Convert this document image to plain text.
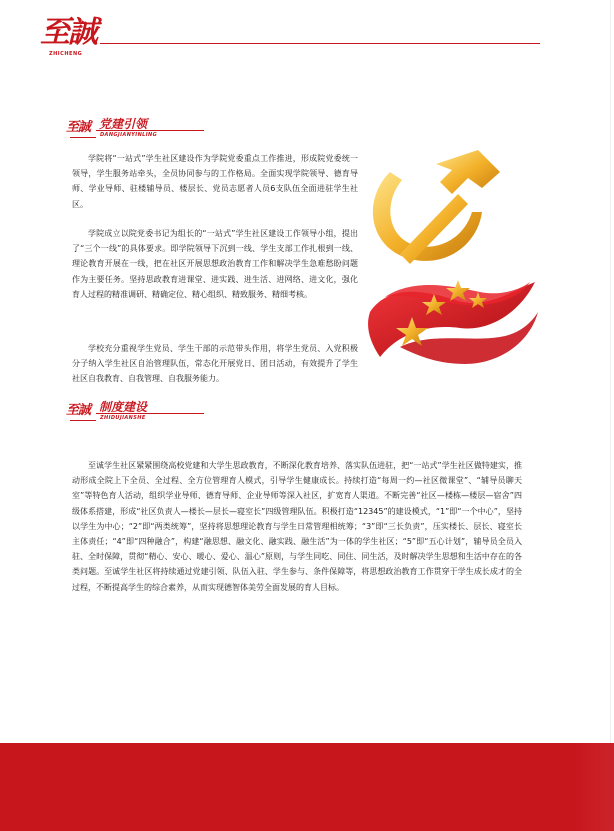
至誠
ZHICHENG
至誠 党建引领
DANGJIANYINLING

学院将“一站式”学生社区建设作为学院党委重点工作推进，形成院党委统一领导，学生服务站牵头，全员协同参与的工作格局。全面实现学院领导、德育导师、学业导师、驻楼辅导员、楼层长、党员志愿者人员6支队伍全面进驻学生社区。

学院成立以院党委书记为组长的“一站式”学生社区建设工作领导小组，提出了“三个一线”的具体要求。即学院领导下沉到一线、学生支部工作扎根到一线、理论教育开展在一线，把在社区开展思想政治教育工作和解决学生急难愁盼问题作为主要任务。坚持思政教育进课堂、进实践、进生活、进网络、进文化，强化育人过程的精准调研、精确定位、精心组织、精致服务、精细考核。

学校充分重视学生党员、学生干部的示范带头作用，将学生党员、入党积极分子纳入学生社区自治管理队伍，常态化开展党日、团日活动，有效提升了学生社区自我教育、自我管理、自我服务能力。

至誠 制度建设
ZHIDUJIANSHE

至诚学生社区紧紧围绕高校党建和大学生思政教育，不断深化教育培养、落实队伍进驻，把“一站式”学生社区做特建实，推动形成全院上下全员、全过程、全方位管理育人模式，引导学生健康成长。持续打造“每周一约—社区微课堂”、“辅导员聊天室”等特色育人活动，组织学业导师、德育导师、企业导师等深入社区，扩宽育人渠道。不断完善“社区—楼栋—楼层—宿舍”四级体系搭建，形成“社区负责人—楼长—层长—寝室长”四级管理队伍。积极打造“12345”的建设模式，“1”即“一个中心”，坚持以学生为中心；“2”即“两类统筹”，坚持将思想理论教育与学生日常管理相统筹；“3”即“三长负责”，压实楼长、层长、寝室长主体责任；“4”即“四种融合”，构建“融思想、融文化、融实践、融生活”为一体的学生社区；“5”即“五心计划”，辅导员全员入驻、全时保障，贯彻“精心、安心、暖心、爱心、温心”原则，与学生同吃、同住、同生活，及时解决学生思想和生活中存在的各类问题。至诚学生社区将持续通过党建引领、队伍入驻、学生参与、条件保障等，将思想政治教育工作贯穿于学生成长成才的全过程，不断提高学生的综合素养，从而实现德智体美劳全面发展的育人目标。
